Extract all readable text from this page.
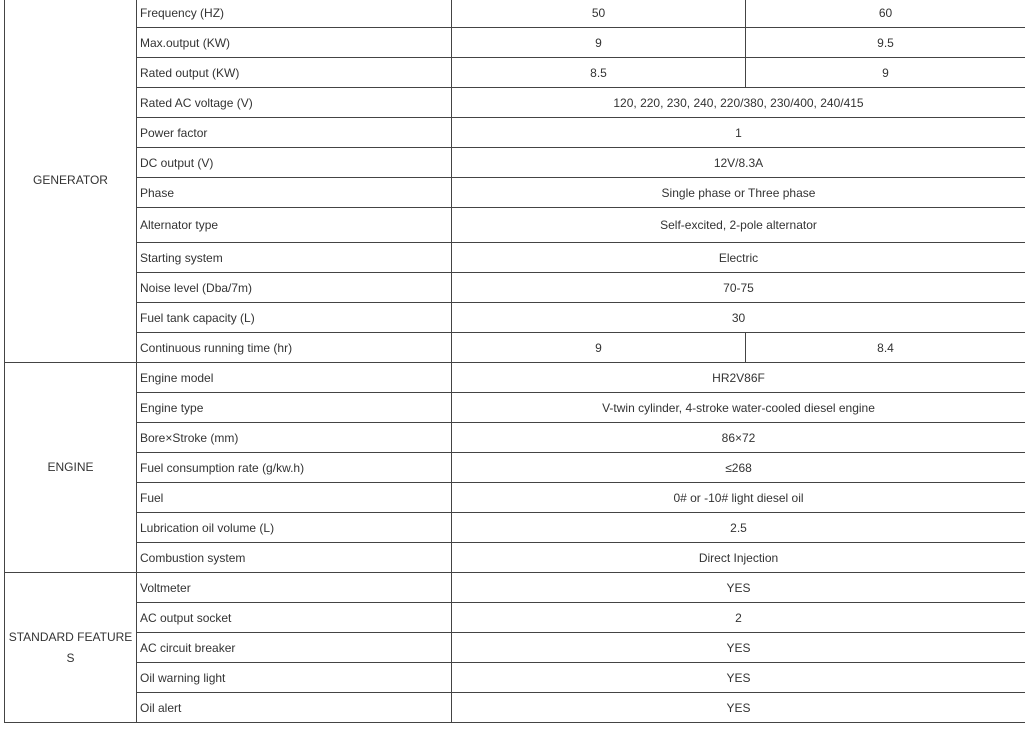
GENERATOR	Frequency (HZ)	50	60
	Max.output (KW)	9	9.5
	Rated output (KW)	8.5	9
	Rated AC voltage (V)	120, 220, 230, 240, 220/380, 230/400, 240/415	
	Power factor	1	
	DC output (V)	12V/8.3A	
	Phase	Single phase or Three phase	
	Alternator type	Self-excited, 2-pole alternator	
	Starting system	Electric	
	Noise level (Dba/7m)	70-75	
	Fuel tank capacity (L)	30	
	Continuous running time (hr)	9	8.4
ENGINE	Engine model	HR2V86F	
	Engine type	V-twin cylinder, 4-stroke water-cooled diesel engine	
	Bore×Stroke (mm)	86×72	
	Fuel consumption rate (g/kw.h)	≤268	
	Fuel	0# or -10# light diesel oil	
	Lubrication oil volume (L)	2.5	
	Combustion system	Direct Injection	
STANDARD FEATURES	Voltmeter	YES	
	AC output socket	2	
	AC circuit breaker	YES	
	Oil warning light	YES	
	Oil alert	YES	
